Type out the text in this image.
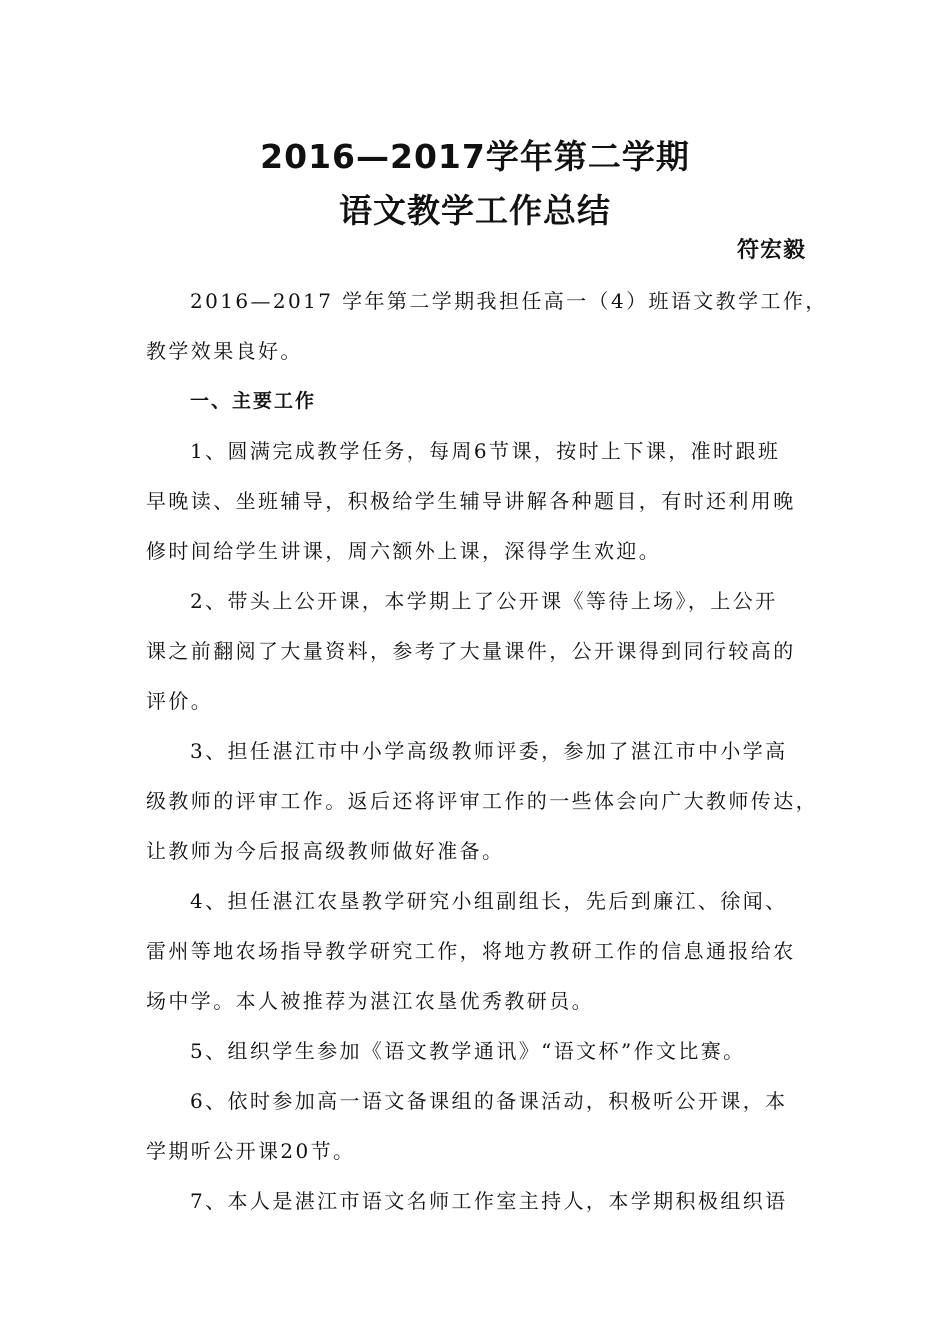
2016—2017学年第二学期
语文教学工作总结
符宏毅
2016—2017 学年第二学期我担任高一（4）班语文教学工作，
教学效果良好。
一、主要工作
1、圆满完成教学任务，每周6节课，按时上下课，准时跟班
早晚读、坐班辅导，积极给学生辅导讲解各种题目，有时还利用晚
修时间给学生讲课，周六额外上课，深得学生欢迎。
2、带头上公开课，本学期上了公开课《等待上场》，上公开
课之前翻阅了大量资料，参考了大量课件，公开课得到同行较高的
评价。
3、担任湛江市中小学高级教师评委，参加了湛江市中小学高
级教师的评审工作。返后还将评审工作的一些体会向广大教师传达，
让教师为今后报高级教师做好准备。
4、担任湛江农垦教学研究小组副组长，先后到廉江、徐闻、
雷州等地农场指导教学研究工作，将地方教研工作的信息通报给农
场中学。本人被推荐为湛江农垦优秀教研员。
5、组织学生参加《语文教学通讯》“语文杯”作文比赛。
6、依时参加高一语文备课组的备课活动，积极听公开课，本
学期听公开课20节。
7、本人是湛江市语文名师工作室主持人，本学期积极组织语
